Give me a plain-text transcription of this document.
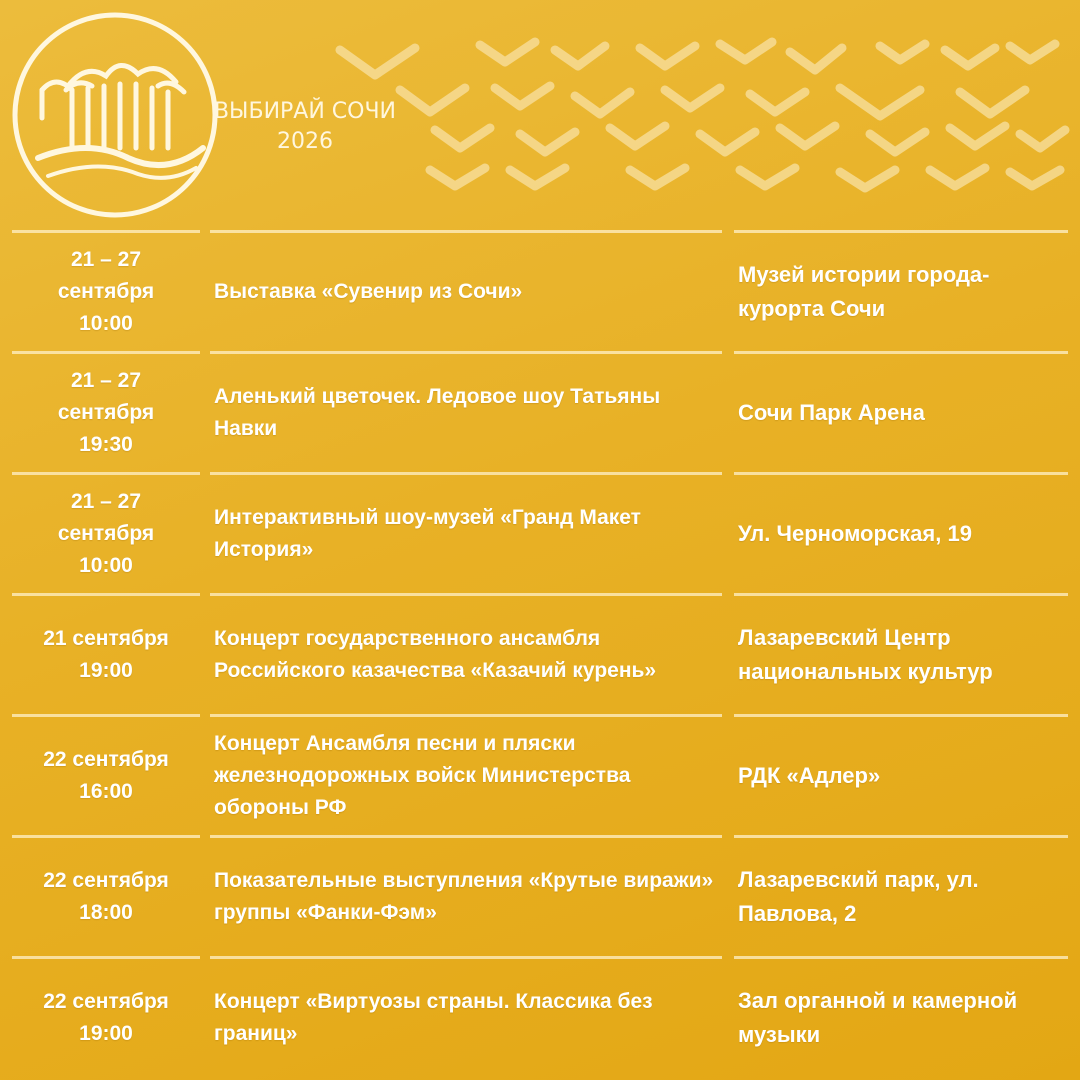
ВЫБИРАЙ СОЧИ
2026
21 – 27
сентября
10:00
Выставка «Сувенир из Сочи»
Музей истории города-курорта Сочи
21 – 27
сентября
19:30
Аленький цветочек. Ледовое шоу Татьяны Навки
Сочи Парк Арена
21 – 27
сентября
10:00
Интерактивный шоу-музей «Гранд Макет История»
Ул. Черноморская, 19
21 сентября
19:00
Концерт государственного ансамбля Российского казачества «Казачий курень»
Лазаревский Центр национальных культур
22 сентября
16:00
Концерт Ансамбля песни и пляски железнодорожных войск Министерства обороны РФ
РДК «Адлер»
22 сентября
18:00
Показательные выступления «Крутые виражи» группы «Фанки-Фэм»
Лазаревский парк, ул. Павлова, 2
22 сентября
19:00
Концерт «Виртуозы страны. Классика без границ»
Зал органной и камерной музыки
